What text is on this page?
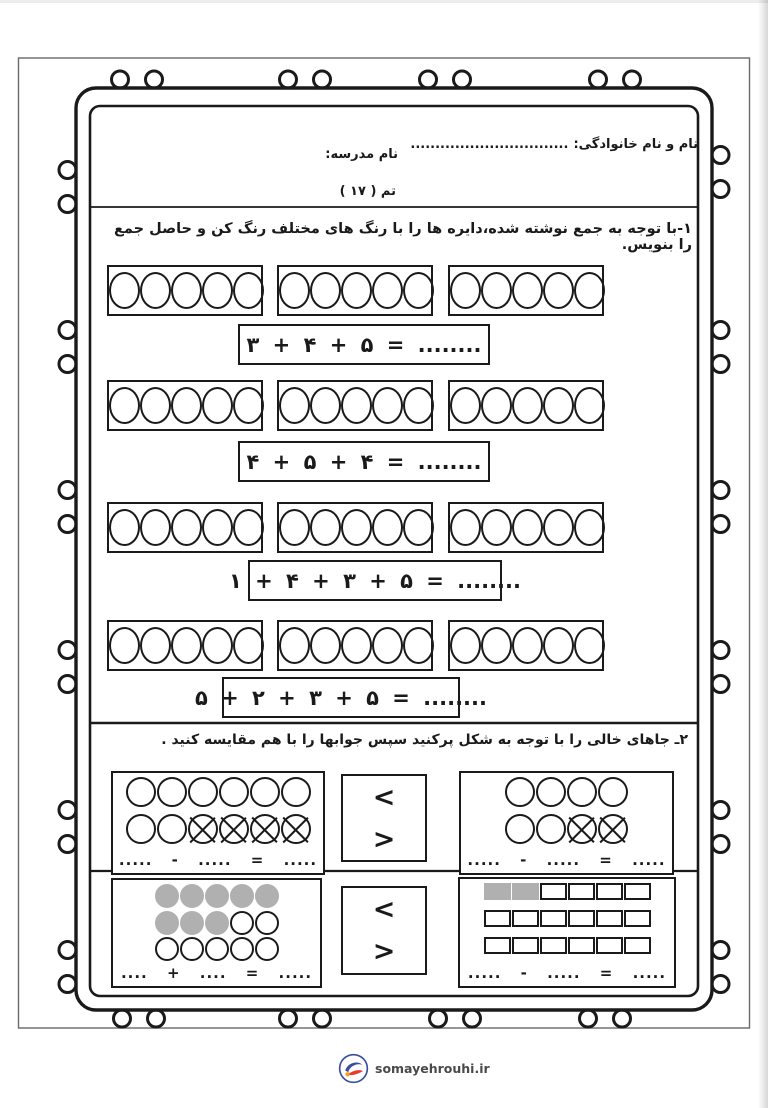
نام و نام خانوادگی:................................
نام مدرسه:
تم ( ۱۷ )
۱-با توجه به جمع نوشته شده،دایره ها را با رنگ های مختلف رنگ کن و حاصل جمع را بنویس.
۲ـ جاهای خالی را با توجه به شکل پرکنید سپس جوابها را با هم مقایسه کنید .
۳ + ۴ + ۵ = ........
۴ + ۵ + ۴ = ........
۱ + ۴ + ۳ + ۵ = ........
۵ + ۲ + ۳ + ۵ = ........
..... - ..... = .....	..... - ..... = .....
<
>
.... + .... = .....	..... - ..... = .....
<
>
somayehrouhi.ir
